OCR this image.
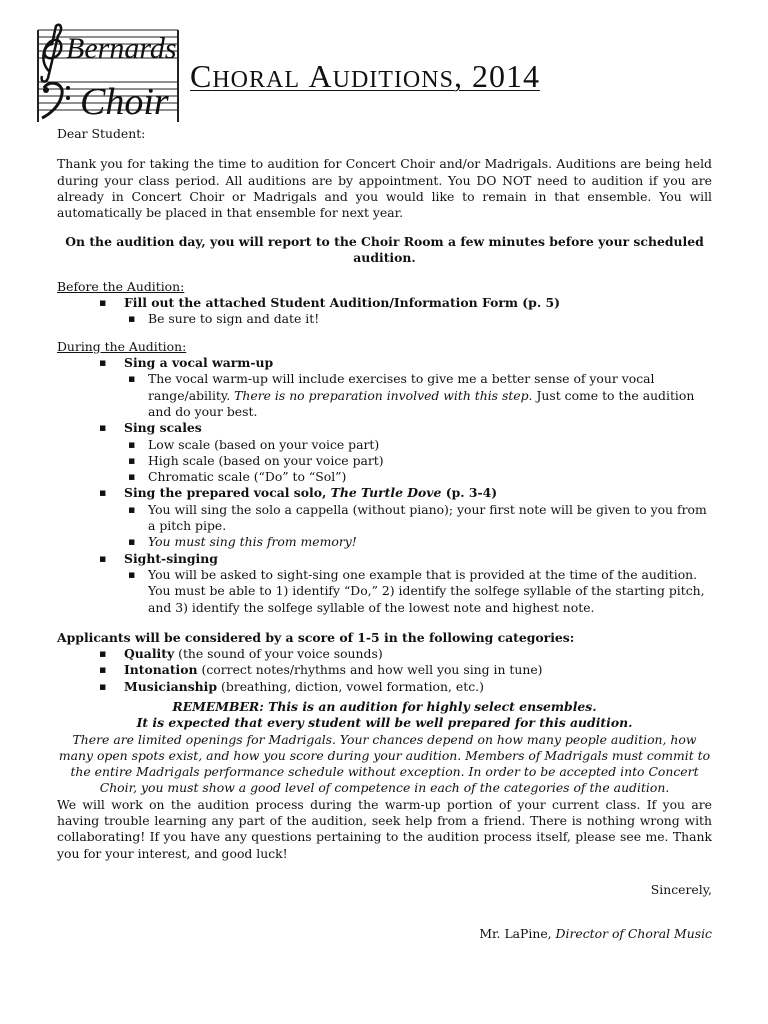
Bernards
Choir
CHORAL AUDITIONS, 2014

Dear Student:

Thank you for taking the time to audition for Concert Choir and/or Madrigals. Auditions are being held during your class period. All auditions are by appointment. You DO NOT need to audition if you are already in Concert Choir or Madrigals and you would like to remain in that ensemble. You will automatically be placed in that ensemble for next year.

On the audition day, you will report to the Choir Room a few minutes before your scheduled audition.

Before the Audition:
▪ Fill out the attached Student Audition/Information Form (p. 5)
▪ Be sure to sign and date it!
During the Audition:
▪ Sing a vocal warm-up
▪ The vocal warm-up will include exercises to give me a better sense of your vocal range/ability. There is no preparation involved with this step. Just come to the audition and do your best.
▪ Sing scales
▪ Low scale (based on your voice part)
▪ High scale (based on your voice part)
▪ Chromatic scale (“Do” to “Sol”)
▪ Sing the prepared vocal solo, The Turtle Dove (p. 3-4)
▪ You will sing the solo a cappella (without piano); your first note will be given to you from a pitch pipe.
▪ You must sing this from memory!
▪ Sight-singing
▪ You will be asked to sight-sing one example that is provided at the time of the audition. You must be able to 1) identify “Do,” 2) identify the solfege syllable of the starting pitch, and 3) identify the solfege syllable of the lowest note and highest note.
Applicants will be considered by a score of 1-5 in the following categories:
▪ Quality (the sound of your voice sounds)
▪ Intonation (correct notes/rhythms and how well you sing in tune)
▪ Musicianship (breathing, diction, vowel formation, etc.)
REMEMBER: This is an audition for highly select ensembles.
It is expected that every student will be well prepared for this audition.
There are limited openings for Madrigals. Your chances depend on how many people audition, how many open spots exist, and how you score during your audition. Members of Madrigals must commit to the entire Madrigals performance schedule without exception. In order to be accepted into Concert Choir, you must show a good level of competence in each of the categories of the audition.

We will work on the audition process during the warm-up portion of your current class. If you are having trouble learning any part of the audition, seek help from a friend. There is nothing wrong with collaborating! If you have any questions pertaining to the audition process itself, please see me. Thank you for your interest, and good luck!

Sincerely,
Mr. LaPine, Director of Choral Music
